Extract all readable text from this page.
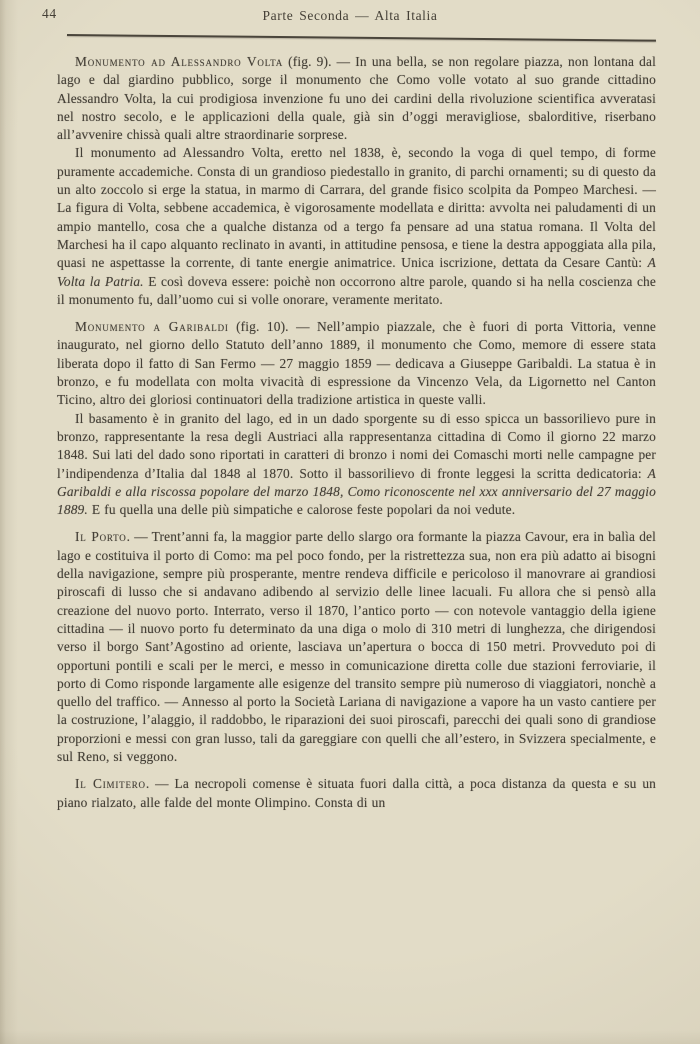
44	Parte Seconda — Alta Italia

Monumento ad Alessandro Volta (fig. 9). — In una bella, se non regolare piazza, non lontana dal lago e dal giardino pubblico, sorge il monumento che Como volle votato al suo grande cittadino Alessandro Volta, la cui prodigiosa invenzione fu uno dei cardini della rivoluzione scientifica avveratasi nel nostro secolo, e le applicazioni della quale, già sin d’oggi meravigliose, sbalorditive, riserbano all’avvenire chissà quali altre straordinarie sorprese.

Il monumento ad Alessandro Volta, eretto nel 1838, è, secondo la voga di quel tempo, di forme puramente accademiche. Consta di un grandioso piedestallo in granito, di parchi ornamenti; su di questo da un alto zoccolo si erge la statua, in marmo di Carrara, del grande fisico scolpita da Pompeo Marchesi. — La figura di Volta, sebbene accademica, è vigorosamente modellata e diritta: avvolta nei paludamenti di un ampio mantello, cosa che a qualche distanza od a tergo fa pensare ad una statua romana. Il Volta del Marchesi ha il capo alquanto reclinato in avanti, in attitudine pensosa, e tiene la destra appoggiata alla pila, quasi ne aspettasse la corrente, di tante energie animatrice. Unica iscrizione, dettata da Cesare Cantù: A Volta la Patria. E così doveva essere: poichè non occorrono altre parole, quando si ha nella coscienza che il monumento fu, dall’uomo cui si volle onorare, veramente meritato.

Monumento a Garibaldi (fig. 10). — Nell’ampio piazzale, che è fuori di porta Vittoria, venne inaugurato, nel giorno dello Statuto dell’anno 1889, il monumento che Como, memore di essere stata liberata dopo il fatto di San Fermo — 27 maggio 1859 — dedicava a Giuseppe Garibaldi. La statua è in bronzo, e fu modellata con molta vivacità di espressione da Vincenzo Vela, da Ligornetto nel Canton Ticino, altro dei gloriosi continuatori della tradizione artistica in queste valli.

Il basamento è in granito del lago, ed in un dado sporgente su di esso spicca un bassorilievo pure in bronzo, rappresentante la resa degli Austriaci alla rappresentanza cittadina di Como il giorno 22 marzo 1848. Sui lati del dado sono riportati in caratteri di bronzo i nomi dei Comaschi morti nelle campagne per l’indipendenza d’Italia dal 1848 al 1870. Sotto il bassorilievo di fronte leggesi la scritta dedicatoria: A Garibaldi e alla riscossa popolare del marzo 1848, Como riconoscente nel xxx anniversario del 27 maggio 1889. E fu quella una delle più simpatiche e calorose feste popolari da noi vedute.

Il Porto. — Trent’anni fa, la maggior parte dello slargo ora formante la piazza Cavour, era in balìa del lago e costituiva il porto di Como: ma pel poco fondo, per la ristrettezza sua, non era più adatto ai bisogni della navigazione, sempre più prosperante, mentre rendeva difficile e pericoloso il manovrare ai grandiosi piroscafi di lusso che si andavano adibendo al servizio delle linee lacuali. Fu allora che si pensò alla creazione del nuovo porto. Interrato, verso il 1870, l’antico porto — con notevole vantaggio della igiene cittadina — il nuovo porto fu determinato da una diga o molo di 310 metri di lunghezza, che dirigendosi verso il borgo Sant’Agostino ad oriente, lasciava un’apertura o bocca di 150 metri. Provveduto poi di opportuni pontili e scali per le merci, e messo in comunicazione diretta colle due stazioni ferroviarie, il porto di Como risponde largamente alle esigenze del transito sempre più numeroso di viaggiatori, nonchè a quello del traffico. — Annesso al porto la Società Lariana di navigazione a vapore ha un vasto cantiere per la costruzione, l’alaggio, il raddobbo, le riparazioni dei suoi piroscafi, parecchi dei quali sono di grandiose proporzioni e messi con gran lusso, tali da gareggiare con quelli che all’estero, in Svizzera specialmente, e sul Reno, si veggono.

Il Cimitero. — La necropoli comense è situata fuori dalla città, a poca distanza da questa e su un piano rialzato, alle falde del monte Olimpino. Consta di un
